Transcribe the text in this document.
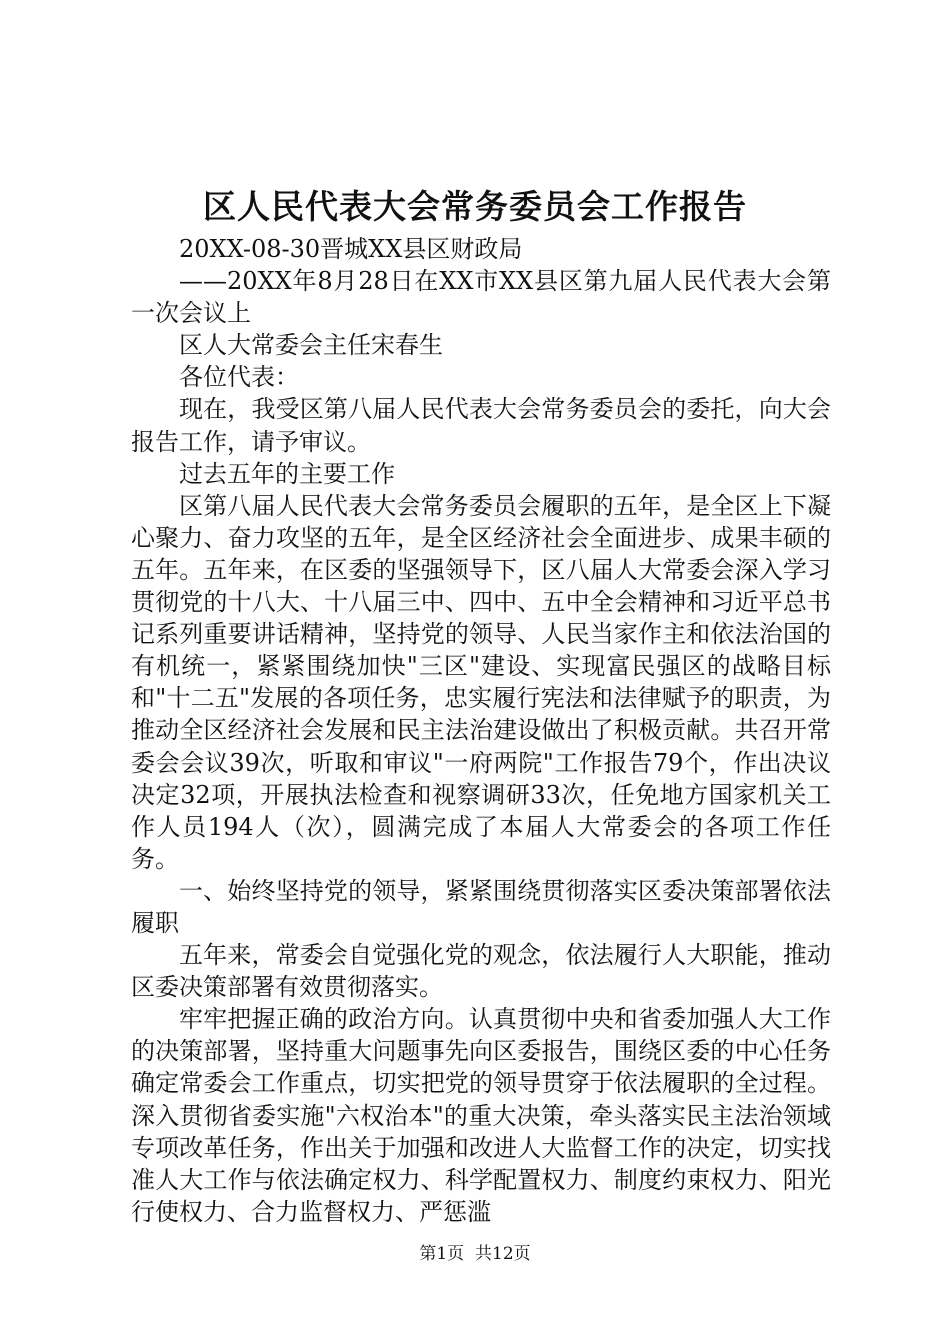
区人民代表大会常务委员会工作报告

20XX-08-30晋城XX县区财政局

——20XX年8月28日在XX市XX县区第九届人民代表大会第一次会议上

区人大常委会主任宋春生

各位代表：

现在，我受区第八届人民代表大会常务委员会的委托，向大会报告工作，请予审议。

过去五年的主要工作

区第八届人民代表大会常务委员会履职的五年，是全区上下凝心聚力、奋力攻坚的五年，是全区经济社会全面进步、成果丰硕的五年。五年来，在区委的坚强领导下，区八届人大常委会深入学习贯彻党的十八大、十八届三中、四中、五中全会精神和习近平总书记系列重要讲话精神，坚持党的领导、人民当家作主和依法治国的有机统一，紧紧围绕加快"三区"建设、实现富民强区的战略目标和"十二五"发展的各项任务，忠实履行宪法和法律赋予的职责，为推动全区经济社会发展和民主法治建设做出了积极贡献。共召开常委会会议39次，听取和审议"一府两院"工作报告79个，作出决议决定32项，开展执法检查和视察调研33次，任免地方国家机关工作人员194人（次），圆满完成了本届人大常委会的各项工作任务。

一、始终坚持党的领导，紧紧围绕贯彻落实区委决策部署依法履职

五年来，常委会自觉强化党的观念，依法履行人大职能，推动区委决策部署有效贯彻落实。

牢牢把握正确的政治方向。认真贯彻中央和省委加强人大工作的决策部署，坚持重大问题事先向区委报告，围绕区委的中心任务确定常委会工作重点，切实把党的领导贯穿于依法履职的全过程。深入贯彻省委实施"六权治本"的重大决策，牵头落实民主法治领域专项改革任务，作出关于加强和改进人大监督工作的决定，切实找准人大工作与依法确定权力、科学配置权力、制度约束权力、阳光行使权力、合力监督权力、严惩滥

第1页 共12页
